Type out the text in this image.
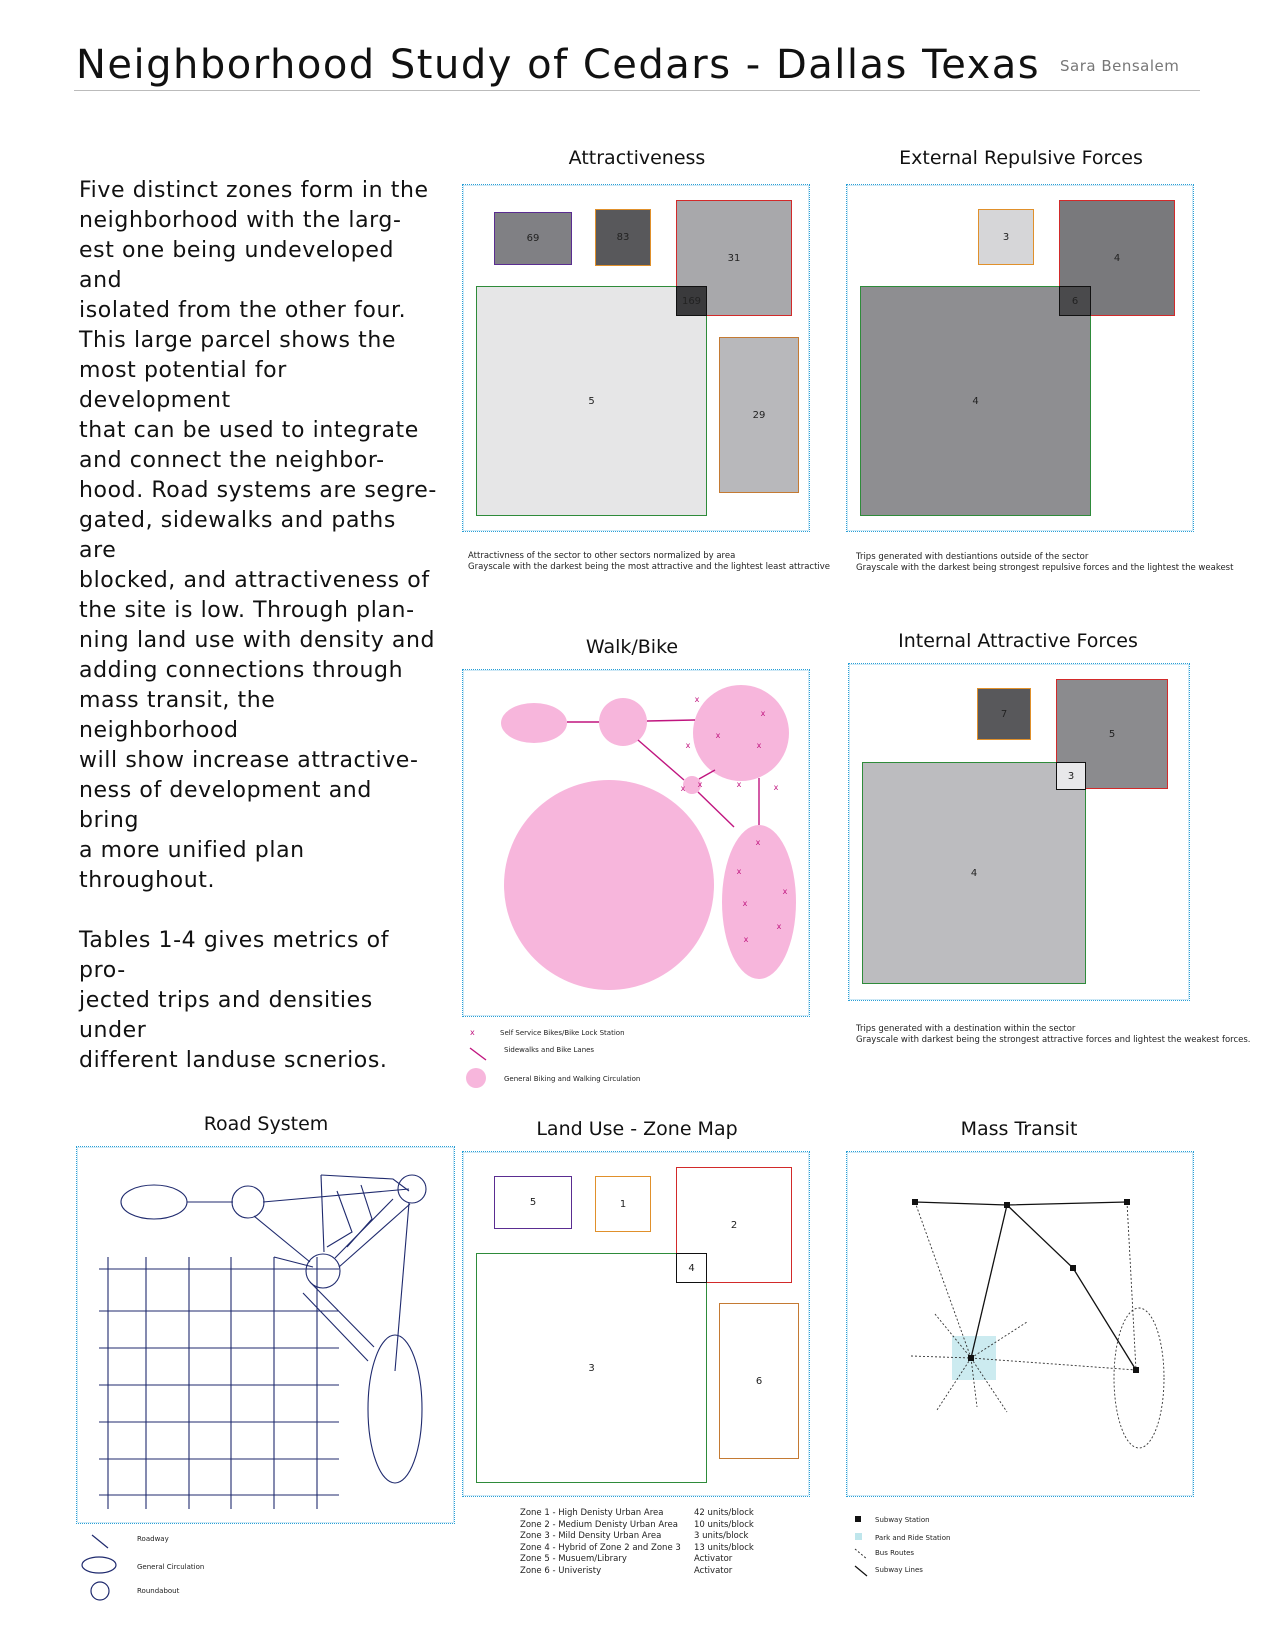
Neighborhood Study of Cedars - Dallas Texas Sara Bensalem

Five distinct zones form in the
neighborhood with the larg-
est one being undeveloped and
isolated from the other four.
This large parcel shows the
most potential for development
that can be used to integrate
and connect the neighbor-
hood. Road systems are segre-
gated, sidewalks and paths are
blocked, and attractiveness of
the site is low. Through plan-
ning land use with density and
adding connections through
mass transit, the neighborhood
will show increase attractive-
ness of development and bring
a more unified plan throughout.

Tables 1-4 gives metrics of pro-
jected trips and densities under
different landuse scnerios.

Attractiveness
69	83
31
5
169
29
Attractivness of the sector to other sectors normalized by area
Grayscale with the darkest being the most attractive and the lightest least attractive
External Repulsive Forces
3
4
4
6
Trips generated with destiantions outside of the sector
Grayscale with the darkest being strongest repulsive forces and the lightest the weakest
Walk/Bike
x
x
x
x	x
x x	x	x
x
x
x
x
x
x
x	Self Service Bikes/Bike Lock Station
Sidewalks and Bike Lanes
General Biking and Walking Circulation
Internal Attractive Forces
7
5
4
3
Trips generated with a destination within the sector
Grayscale with darkest being the strongest attractive forces and lightest the weakest forces.
Road System
Roadway
General Circulation
Roundabout
Land Use - Zone Map
5	1
2
3
4
6
Zone 1 - High Denisty Urban Area	42 units/block
Zone 2 - Medium Denisty Urban Area	10 units/block
Zone 3 - Mild Density Urban Area	3 units/block
Zone 4 - Hybrid of Zone 2 and Zone 3	13 units/block
Zone 5 - Musuem/Library	Activator
Zone 6 - Univeristy	Activator
Mass Transit
Subway Station
Park and Ride Station
Bus Routes
Subway Lines
